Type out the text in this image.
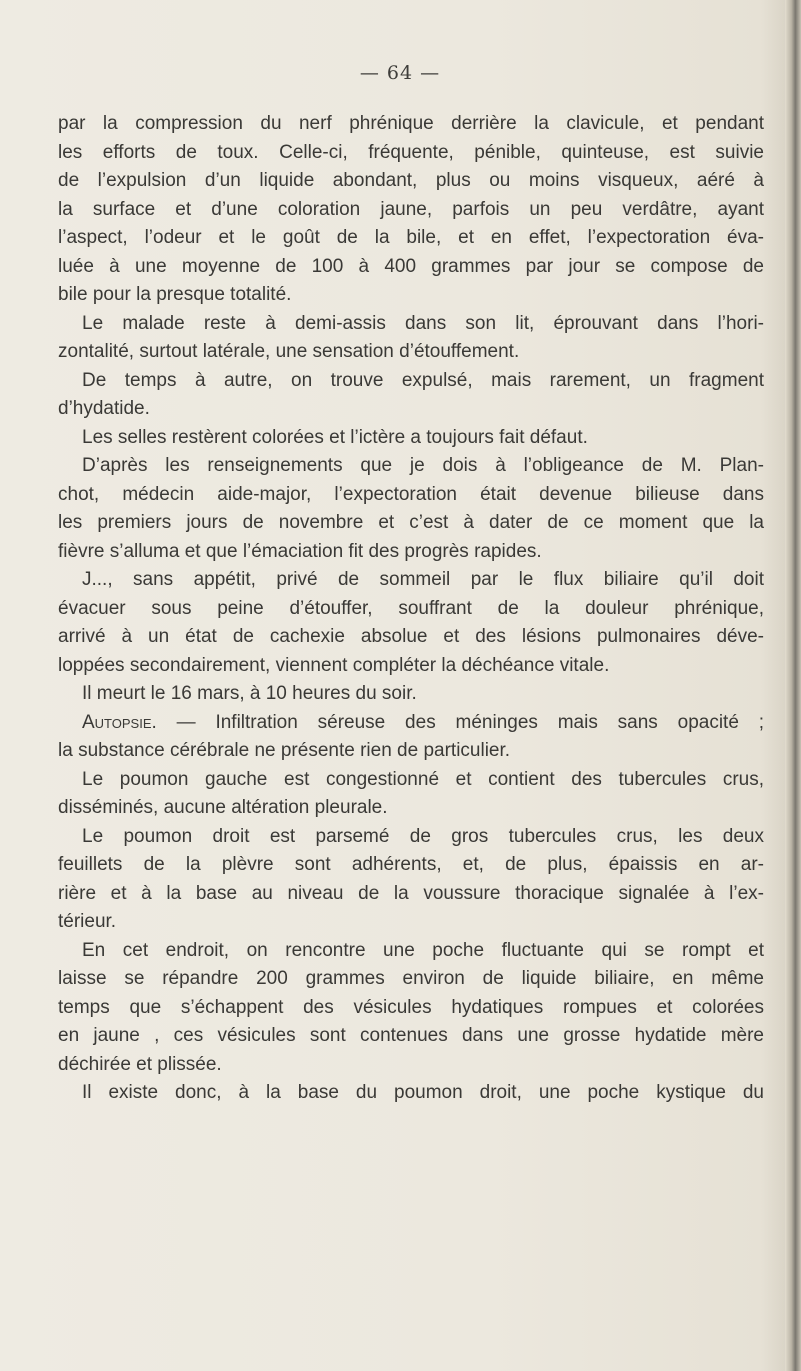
— 64 —
par la compression du nerf phrénique derrière la clavicule, et pendant
les efforts de toux. Celle-ci, fréquente, pénible, quinteuse, est suivie
de l’expulsion d’un liquide abondant, plus ou moins visqueux, aéré à
la surface et d’une coloration jaune, parfois un peu verdâtre, ayant
l’aspect, l’odeur et le goût de la bile, et en effet, l’expectoration éva-
luée à une moyenne de 100 à 400 grammes par jour se compose de
bile pour la presque totalité.
Le malade reste à demi-assis dans son lit, éprouvant dans l’hori-
zontalité, surtout latérale, une sensation d’étouffement.
De temps à autre, on trouve expulsé, mais rarement, un fragment
d’hydatide.
Les selles restèrent colorées et l’ictère a toujours fait défaut.
D’après les renseignements que je dois à l’obligeance de M. Plan-
chot, médecin aide-major, l’expectoration était devenue bilieuse dans
les premiers jours de novembre et c’est à dater de ce moment que la
fièvre s’alluma et que l’émaciation fit des progrès rapides.
J..., sans appétit, privé de sommeil par le flux biliaire qu’il doit
évacuer sous peine d’étouffer, souffrant de la douleur phrénique,
arrivé à un état de cachexie absolue et des lésions pulmonaires déve-
loppées secondairement, viennent compléter la déchéance vitale.
Il meurt le 16 mars, à 10 heures du soir.
Autopsie. — Infiltration séreuse des méninges mais sans opacité ;
la substance cérébrale ne présente rien de particulier.
Le poumon gauche est congestionné et contient des tubercules crus,
disséminés, aucune altération pleurale.
Le poumon droit est parsemé de gros tubercules crus, les deux
feuillets de la plèvre sont adhérents, et, de plus, épaissis en ar-
rière et à la base au niveau de la voussure thoracique signalée à l’ex-
térieur.
En cet endroit, on rencontre une poche fluctuante qui se rompt et
laisse se répandre 200 grammes environ de liquide biliaire, en même
temps que s’échappent des vésicules hydatiques rompues et colorées
en jaune , ces vésicules sont contenues dans une grosse hydatide mère
déchirée et plissée.
Il existe donc, à la base du poumon droit, une poche kystique du
